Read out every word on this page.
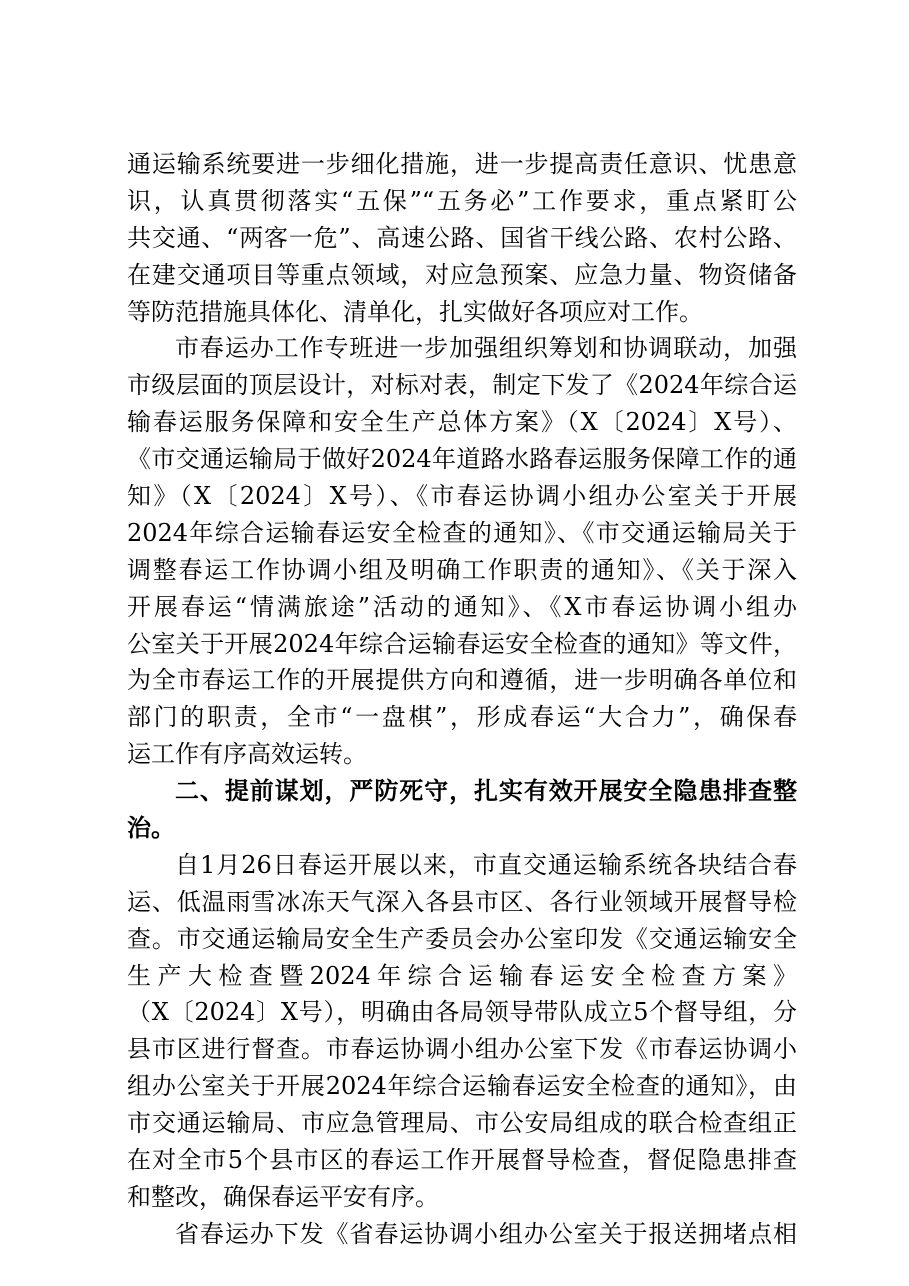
通运输系统要进一步细化措施，进一步提高责任意识、忧患意
识，认真贯彻落实“五保”“五务必”工作要求，重点紧盯公
共交通、“两客一危”、高速公路、国省干线公路、农村公路、
在建交通项目等重点领域，对应急预案、应急力量、物资储备
等防范措施具体化、清单化，扎实做好各项应对工作。
市春运办工作专班进一步加强组织筹划和协调联动，加强
市级层面的顶层设计，对标对表，制定下发了《2024年综合运
输春运服务保障和安全生产总体方案》（X〔2024〕X号）、
《市交通运输局于做好2024年道路水路春运服务保障工作的通
知》（X〔2024〕X号）、《市春运协调小组办公室关于开展
2024年综合运输春运安全检查的通知》、《市交通运输局关于
调整春运工作协调小组及明确工作职责的通知》、《关于深入
开展春运“情满旅途”活动的通知》、《X市春运协调小组办
公室关于开展2024年综合运输春运安全检查的通知》等文件，
为全市春运工作的开展提供方向和遵循，进一步明确各单位和
部门的职责，全市“一盘棋”，形成春运“大合力”，确保春
运工作有序高效运转。
二、提前谋划，严防死守，扎实有效开展安全隐患排查整
治。
自1月26日春运开展以来，市直交通运输系统各块结合春
运、低温雨雪冰冻天气深入各县市区、各行业领域开展督导检
查。市交通运输局安全生产委员会办公室印发《交通运输安全
生产大检查暨2024年综合运输春运安全检查方案》
（X〔2024〕X号），明确由各局领导带队成立5个督导组，分
县市区进行督查。市春运协调小组办公室下发《市春运协调小
组办公室关于开展2024年综合运输春运安全检查的通知》，由
市交通运输局、市应急管理局、市公安局组成的联合检查组正
在对全市5个县市区的春运工作开展督导检查，督促隐患排查
和整改，确保春运平安有序。
省春运办下发《省春运协调小组办公室关于报送拥堵点相
